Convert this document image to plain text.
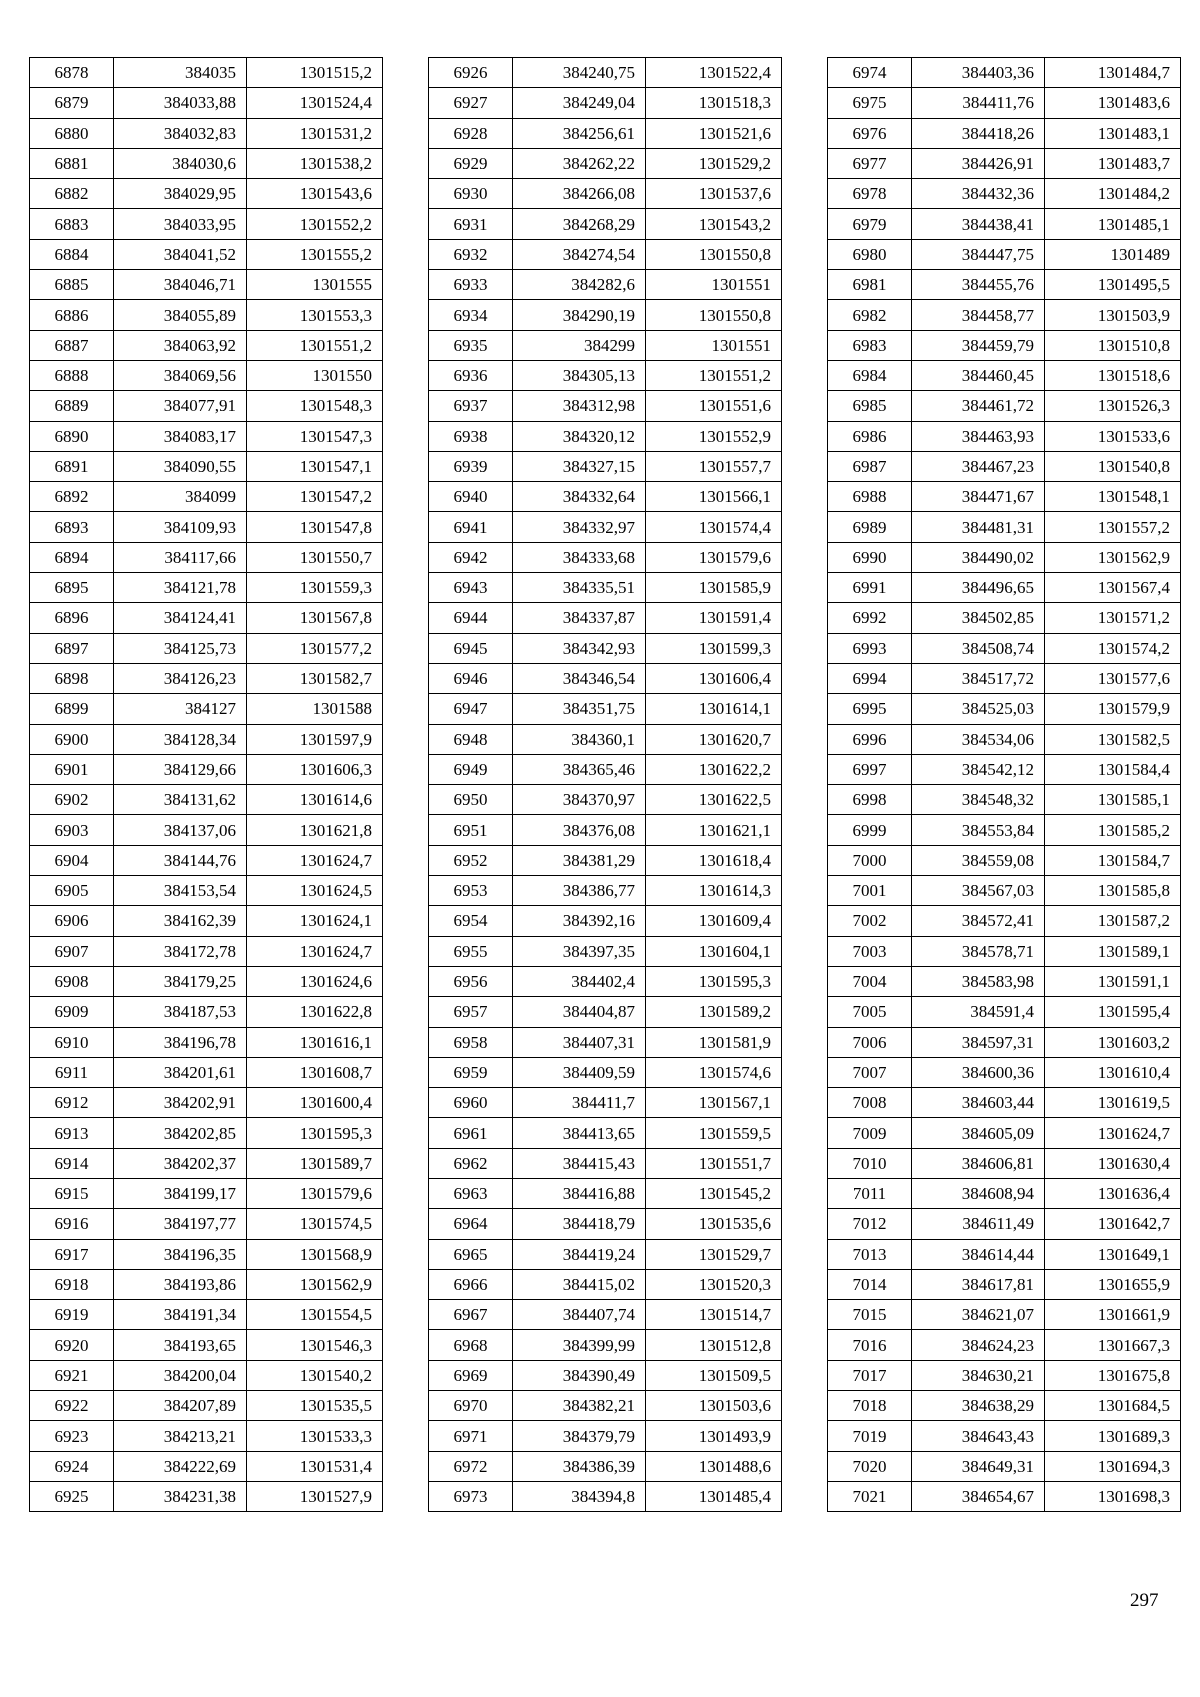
6878	384035	1301515,2
6879	384033,88	1301524,4
6880	384032,83	1301531,2
6881	384030,6	1301538,2
6882	384029,95	1301543,6
6883	384033,95	1301552,2
6884	384041,52	1301555,2
6885	384046,71	1301555
6886	384055,89	1301553,3
6887	384063,92	1301551,2
6888	384069,56	1301550
6889	384077,91	1301548,3
6890	384083,17	1301547,3
6891	384090,55	1301547,1
6892	384099	1301547,2
6893	384109,93	1301547,8
6894	384117,66	1301550,7
6895	384121,78	1301559,3
6896	384124,41	1301567,8
6897	384125,73	1301577,2
6898	384126,23	1301582,7
6899	384127	1301588
6900	384128,34	1301597,9
6901	384129,66	1301606,3
6902	384131,62	1301614,6
6903	384137,06	1301621,8
6904	384144,76	1301624,7
6905	384153,54	1301624,5
6906	384162,39	1301624,1
6907	384172,78	1301624,7
6908	384179,25	1301624,6
6909	384187,53	1301622,8
6910	384196,78	1301616,1
6911	384201,61	1301608,7
6912	384202,91	1301600,4
6913	384202,85	1301595,3
6914	384202,37	1301589,7
6915	384199,17	1301579,6
6916	384197,77	1301574,5
6917	384196,35	1301568,9
6918	384193,86	1301562,9
6919	384191,34	1301554,5
6920	384193,65	1301546,3
6921	384200,04	1301540,2
6922	384207,89	1301535,5
6923	384213,21	1301533,3
6924	384222,69	1301531,4
6925	384231,38	1301527,9
6926	384240,75	1301522,4
6927	384249,04	1301518,3
6928	384256,61	1301521,6
6929	384262,22	1301529,2
6930	384266,08	1301537,6
6931	384268,29	1301543,2
6932	384274,54	1301550,8
6933	384282,6	1301551
6934	384290,19	1301550,8
6935	384299	1301551
6936	384305,13	1301551,2
6937	384312,98	1301551,6
6938	384320,12	1301552,9
6939	384327,15	1301557,7
6940	384332,64	1301566,1
6941	384332,97	1301574,4
6942	384333,68	1301579,6
6943	384335,51	1301585,9
6944	384337,87	1301591,4
6945	384342,93	1301599,3
6946	384346,54	1301606,4
6947	384351,75	1301614,1
6948	384360,1	1301620,7
6949	384365,46	1301622,2
6950	384370,97	1301622,5
6951	384376,08	1301621,1
6952	384381,29	1301618,4
6953	384386,77	1301614,3
6954	384392,16	1301609,4
6955	384397,35	1301604,1
6956	384402,4	1301595,3
6957	384404,87	1301589,2
6958	384407,31	1301581,9
6959	384409,59	1301574,6
6960	384411,7	1301567,1
6961	384413,65	1301559,5
6962	384415,43	1301551,7
6963	384416,88	1301545,2
6964	384418,79	1301535,6
6965	384419,24	1301529,7
6966	384415,02	1301520,3
6967	384407,74	1301514,7
6968	384399,99	1301512,8
6969	384390,49	1301509,5
6970	384382,21	1301503,6
6971	384379,79	1301493,9
6972	384386,39	1301488,6
6973	384394,8	1301485,4
6974	384403,36	1301484,7
6975	384411,76	1301483,6
6976	384418,26	1301483,1
6977	384426,91	1301483,7
6978	384432,36	1301484,2
6979	384438,41	1301485,1
6980	384447,75	1301489
6981	384455,76	1301495,5
6982	384458,77	1301503,9
6983	384459,79	1301510,8
6984	384460,45	1301518,6
6985	384461,72	1301526,3
6986	384463,93	1301533,6
6987	384467,23	1301540,8
6988	384471,67	1301548,1
6989	384481,31	1301557,2
6990	384490,02	1301562,9
6991	384496,65	1301567,4
6992	384502,85	1301571,2
6993	384508,74	1301574,2
6994	384517,72	1301577,6
6995	384525,03	1301579,9
6996	384534,06	1301582,5
6997	384542,12	1301584,4
6998	384548,32	1301585,1
6999	384553,84	1301585,2
7000	384559,08	1301584,7
7001	384567,03	1301585,8
7002	384572,41	1301587,2
7003	384578,71	1301589,1
7004	384583,98	1301591,1
7005	384591,4	1301595,4
7006	384597,31	1301603,2
7007	384600,36	1301610,4
7008	384603,44	1301619,5
7009	384605,09	1301624,7
7010	384606,81	1301630,4
7011	384608,94	1301636,4
7012	384611,49	1301642,7
7013	384614,44	1301649,1
7014	384617,81	1301655,9
7015	384621,07	1301661,9
7016	384624,23	1301667,3
7017	384630,21	1301675,8
7018	384638,29	1301684,5
7019	384643,43	1301689,3
7020	384649,31	1301694,3
7021	384654,67	1301698,3
297
